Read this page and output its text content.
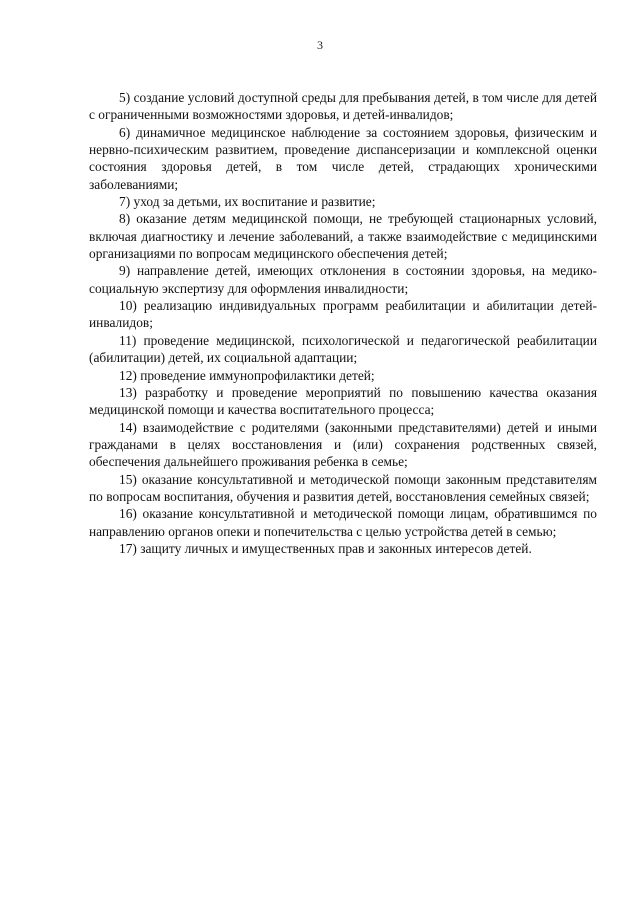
3

5) создание условий доступной среды для пребывания детей, в том числе для детей с ограниченными возможностями здоровья, и детей-инвалидов;

6) динамичное медицинское наблюдение за состоянием здоровья, физическим и нервно-психическим развитием, проведение диспансеризации и комплексной оценки состояния здоровья детей, в том числе детей, страдающих хроническими заболеваниями;

7) уход за детьми, их воспитание и развитие;

8) оказание детям медицинской помощи, не требующей стационарных условий, включая диагностику и лечение заболеваний, а также взаимодействие с медицинскими организациями по вопросам медицинского обеспечения детей;

9) направление детей, имеющих отклонения в состоянии здоровья, на медико-социальную экспертизу для оформления инвалидности;

10) реализацию индивидуальных программ реабилитации и абилитации детей-инвалидов;

11) проведение медицинской, психологической и педагогической реабилитации (абилитации) детей, их социальной адаптации;

12) проведение иммунопрофилактики детей;

13) разработку и проведение мероприятий по повышению качества оказания медицинской помощи и качества воспитательного процесса;

14) взаимодействие с родителями (законными представителями) детей и иными гражданами в целях восстановления и (или) сохранения родственных связей, обеспечения дальнейшего проживания ребенка в семье;

15) оказание консультативной и методической помощи законным представителям по вопросам воспитания, обучения и развития детей, восстановления семейных связей;

16) оказание консультативной и методической помощи лицам, обратившимся по направлению органов опеки и попечительства с целью устройства детей в семью;

17) защиту личных и имущественных прав и законных интересов детей.
